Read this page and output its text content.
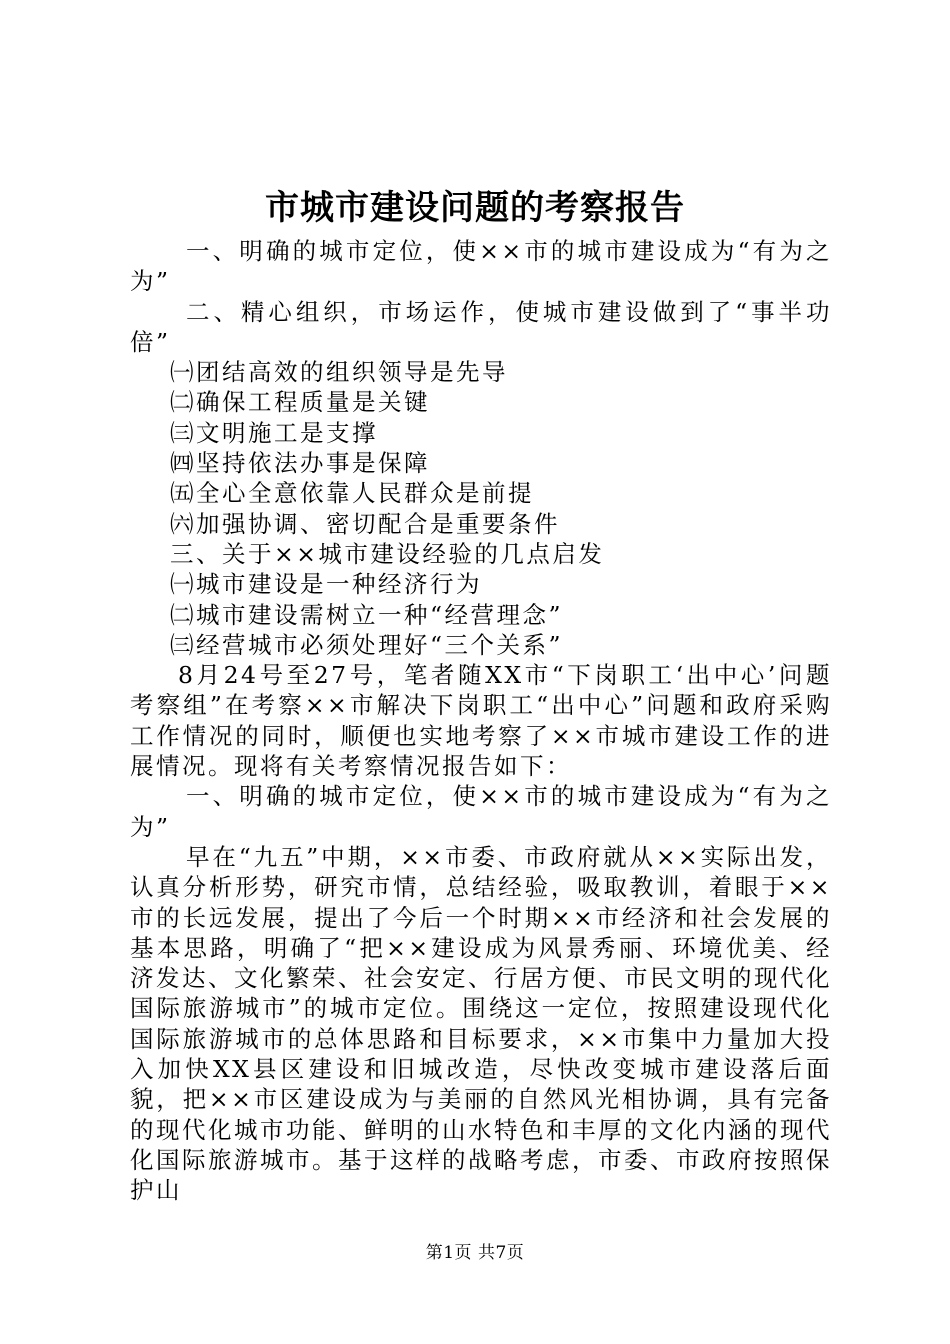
市城市建设问题的考察报告

一、明确的城市定位，使××市的城市建设成为“有为之为”

二、精心组织，市场运作，使城市建设做到了“事半功倍”

㈠团结高效的组织领导是先导

㈡确保工程质量是关键

㈢文明施工是支撑

㈣坚持依法办事是保障

㈤全心全意依靠人民群众是前提

㈥加强协调、密切配合是重要条件

三、关于××城市建设经验的几点启发

㈠城市建设是一种经济行为

㈡城市建设需树立一种“经营理念”

㈢经营城市必须处理好“三个关系”

8月24号至27号，笔者随XX市“下岗职工‘出中心’问题考察组”在考察××市解决下岗职工“出中心”问题和政府采购工作情况的同时，顺便也实地考察了××市城市建设工作的进展情况。现将有关考察情况报告如下：

一、明确的城市定位，使××市的城市建设成为“有为之为”

早在“九五”中期，××市委、市政府就从××实际出发，认真分析形势，研究市情，总结经验，吸取教训，着眼于××市的长远发展，提出了今后一个时期××市经济和社会发展的基本思路，明确了“把××建设成为风景秀丽、环境优美、经济发达、文化繁荣、社会安定、行居方便、市民文明的现代化国际旅游城市”的城市定位。围绕这一定位，按照建设现代化国际旅游城市的总体思路和目标要求，××市集中力量加大投入加快XX县区建设和旧城改造，尽快改变城市建设落后面貌，把××市区建设成为与美丽的自然风光相协调，具有完备的现代化城市功能、鲜明的山水特色和丰厚的文化内涵的现代化国际旅游城市。基于这样的战略考虑，市委、市政府按照保护山

第1页 共7页
